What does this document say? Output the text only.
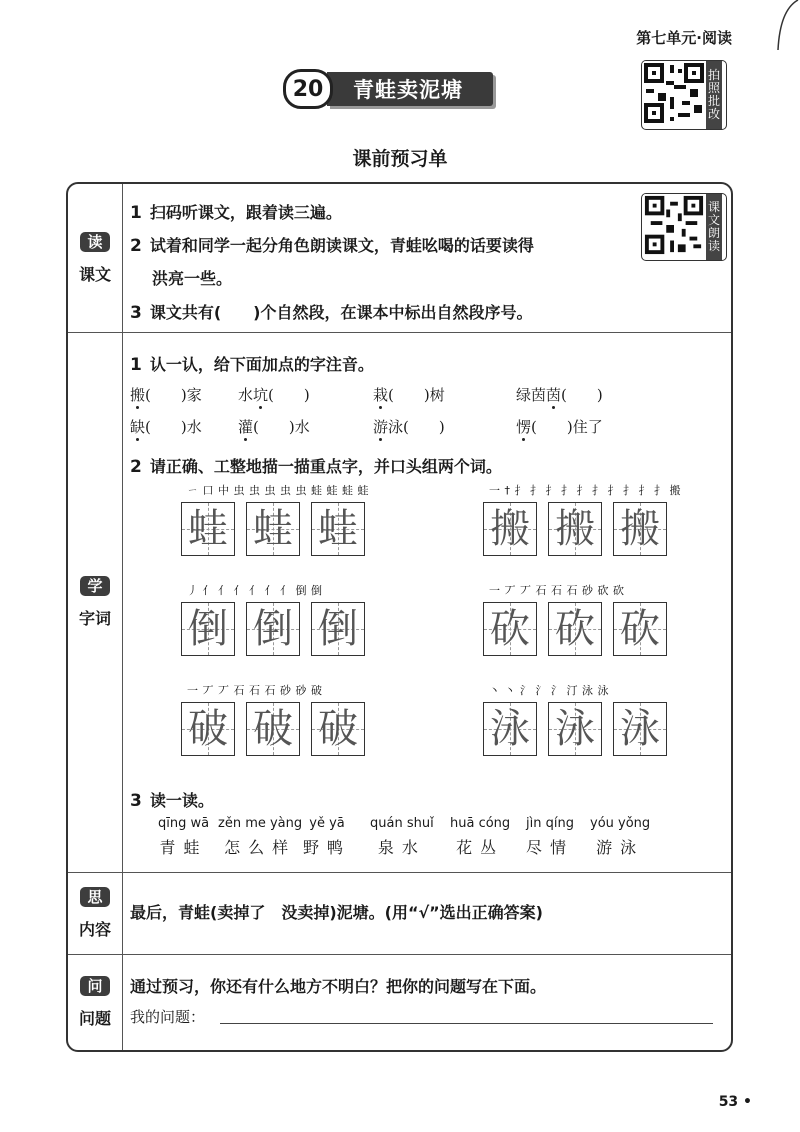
第七单元·阅读
20	青蛙卖泥塘
拍
照
批
改
课前预习单
读
课文
1 扫码听课文，跟着读三遍。
2 试着和同学一起分角色朗读课文，青蛙吆喝的话要读得
洪亮一些。
3 课文共有(　　)个自然段，在课本中标出自然段序号。
学
字词
1 认一认，给下面加点的字注音。
2 请正确、工整地描一描重点字，并口头组两个词。
3 读一读。
搬(　　)家 水坑(　　)	栽(　　)树	绿茵茵(　　)
缺(　　)水 灌(　　)水	游泳(　　)	愣(　　)住了
ㄧ 口 中 虫 虫 虫 虫 虫 蛙 蛙 蛙 蛙
蛙 蛙 蛙
一 † 扌 扌 扌 扌 扌 扌 扌 扌 扌 扌 搬
搬 搬 搬
丿 亻 亻 亻 亻 亻 亻 倒 倒
倒 倒 倒
一 丆 丆 石 石 石 砂 砍 砍
砍 砍 砍
一 丆 丆 石 石 石 砂 砂 破
破 破 破
丶 丶 氵 氵 氵 汀 泳 泳
泳 泳 泳
qīng wā
青蛙
zěn me yàng
怎么样
yě yā
野鸭
quán shuǐ
泉水
huā cóng
花丛
jìn qíng
尽情
yóu yǒng
游泳
思
内容
最后，青蛙(卖掉了　没卖掉)泥塘。(用“√”选出正确答案)
问
问题
通过预习，你还有什么地方不明白？把你的问题写在下面。
我的问题：
课
文
朗
读
53 •
